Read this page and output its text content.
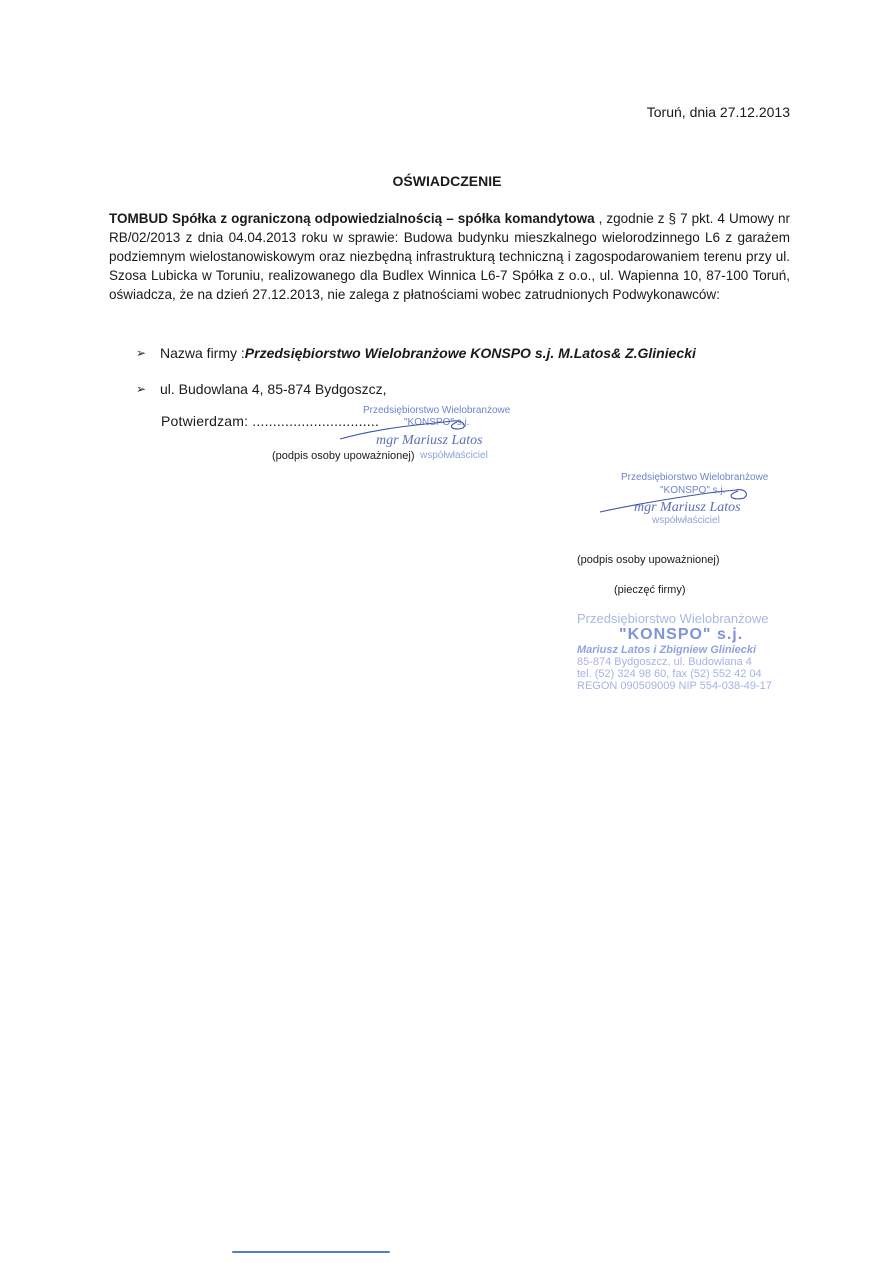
Toruń, dnia 27.12.2013
OŚWIADCZENIE
TOMBUD Spółka z ograniczoną odpowiedzialnością – spółka komandytowa , zgodnie z § 7 pkt. 4 Umowy nr RB/02/2013 z dnia 04.04.2013 roku w sprawie: Budowa budynku mieszkalnego wielorodzinnego L6 z garażem podziemnym wielostanowiskowym oraz niezbędną infrastrukturą techniczną i zagospodarowaniem terenu przy ul. Szosa Lubicka w Toruniu, realizowanego dla Budlex Winnica L6-7 Spółka z o.o., ul. Wapienna 10, 87-100 Toruń, oświadcza, że na dzień 27.12.2013, nie zalega z płatnościami wobec zatrudnionych Podwykonawców:
➢ Nazwa firmy : Przedsiębiorstwo Wielobranżowe KONSPO s.j. M.Latos& Z.Gliniecki
➢ ul. Budowlana 4, 85-874 Bydgoszcz,
Potwierdzam: ...............................
Przedsiębiorstwo Wielobranżowe
"KONSPO" s.j.
mgr Mariusz Latos
współwłaściciel
(podpis osoby upoważnionej)
Przedsiębiorstwo Wielobranżowe
"KONSPO" s.j.
mgr Mariusz Latos
współwłaściciel
(podpis osoby upoważnionej)
(pieczęć firmy)
Przedsiębiorstwo Wielobranżowe
"KONSPO" s.j.
Mariusz Latos i Zbigniew Gliniecki
85-874 Bydgoszcz, ul. Budowlana 4
tel. (52) 324 98 60, fax (52) 552 42 04
REGON 090509009 NIP 554-038-49-17
